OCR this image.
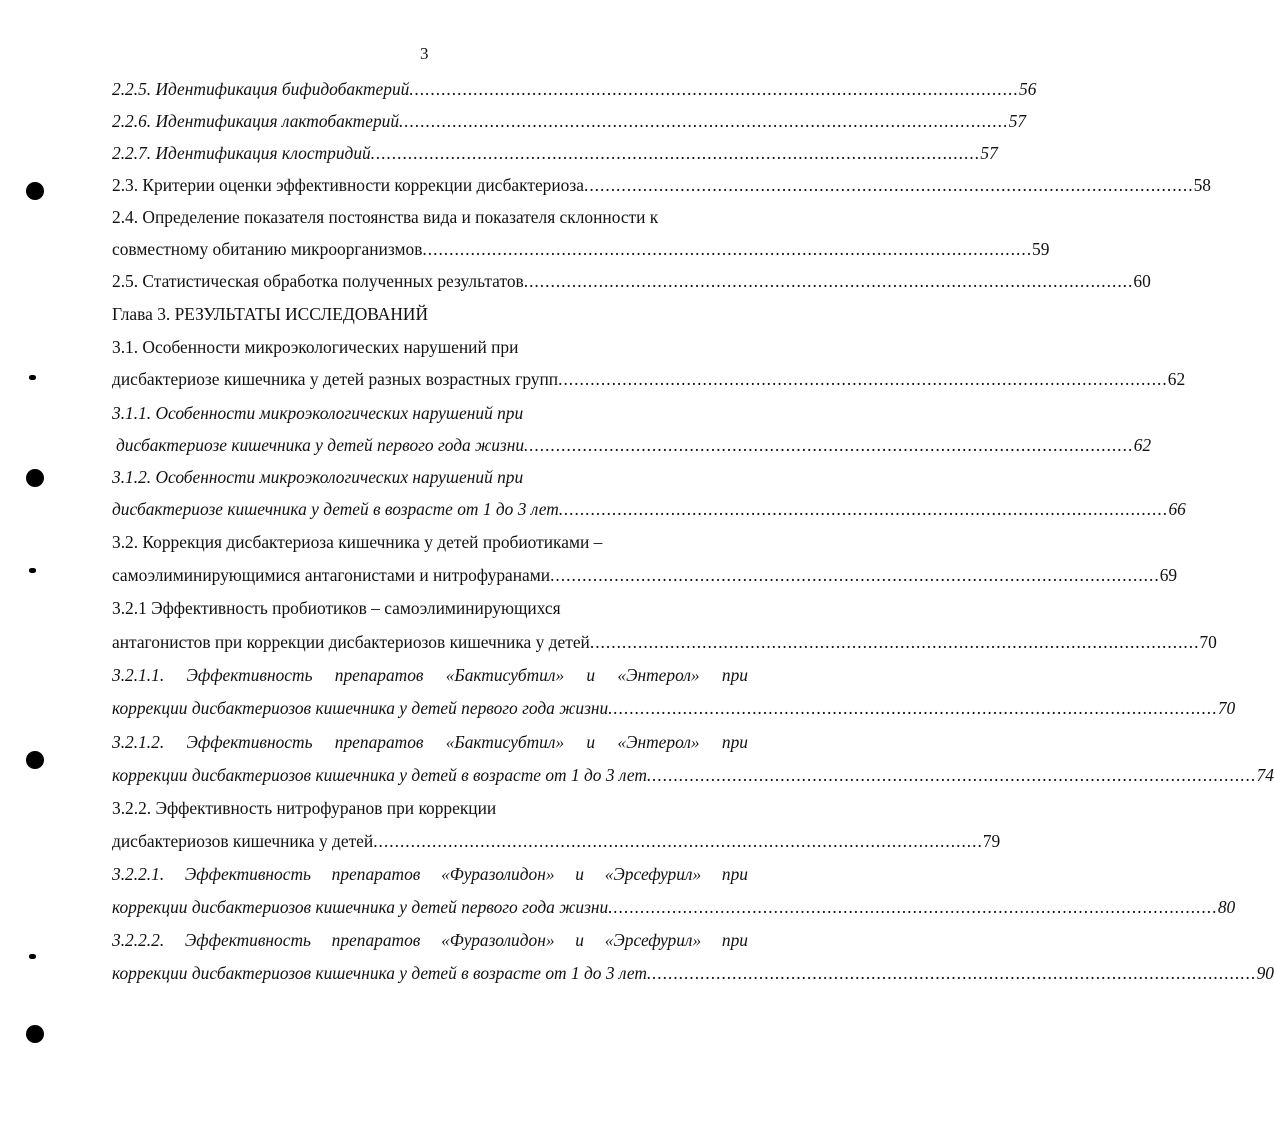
3
2.2.5. Идентификация бифидобактерий .................................................................................................................. 56
2.2.6. Идентификация лактобактерий .................................................................................................................. 57
2.2.7. Идентификация клостридий .................................................................................................................. 57
2.3. Критерии оценки эффективности коррекции дисбактериоза .................................................................................................................. 58
2.4. Определение показателя постоянства вида и показателя склонности к
совместному обитанию микроорганизмов .................................................................................................................. 59
2.5. Статистическая обработка полученных результатов .................................................................................................................. 60
Глава 3. РЕЗУЛЬТАТЫ ИССЛЕДОВАНИЙ
3.1. Особенности микроэкологических нарушений при
дисбактериозе кишечника у детей разных возрастных групп .................................................................................................................. 62
3.1.1. Особенности микроэкологических нарушений при
дисбактериозе кишечника у детей первого года жизни .................................................................................................................. 62
3.1.2. Особенности микроэкологических нарушений при
дисбактериозе кишечника у детей в возрасте от 1 до 3 лет .................................................................................................................. 66
3.2. Коррекция дисбактериоза кишечника у детей пробиотиками –
самоэлиминирующимися антагонистами и нитрофуранами .................................................................................................................. 69
3.2.1 Эффективность пробиотиков – самоэлиминирующихся
антагонистов при коррекции дисбактериозов кишечника у детей .................................................................................................................. 70
3.2.1.1. Эффективность препаратов «Бактисубтил» и «Энтерол» при
коррекции дисбактериозов кишечника у детей первого года жизни .................................................................................................................. 70
3.2.1.2. Эффективность препаратов «Бактисубтил» и «Энтерол» при
коррекции дисбактериозов кишечника у детей в возрасте от 1 до 3 лет .................................................................................................................. 74
3.2.2. Эффективность нитрофуранов при коррекции
дисбактериозов кишечника у детей .................................................................................................................. 79
3.2.2.1. Эффективность препаратов «Фуразолидон» и «Эрсефурил» при
коррекции дисбактериозов кишечника у детей первого года жизни .................................................................................................................. 80
3.2.2.2. Эффективность препаратов «Фуразолидон» и «Эрсефурил» при
коррекции дисбактериозов кишечника у детей в возрасте от 1 до 3 лет .................................................................................................................. 90
